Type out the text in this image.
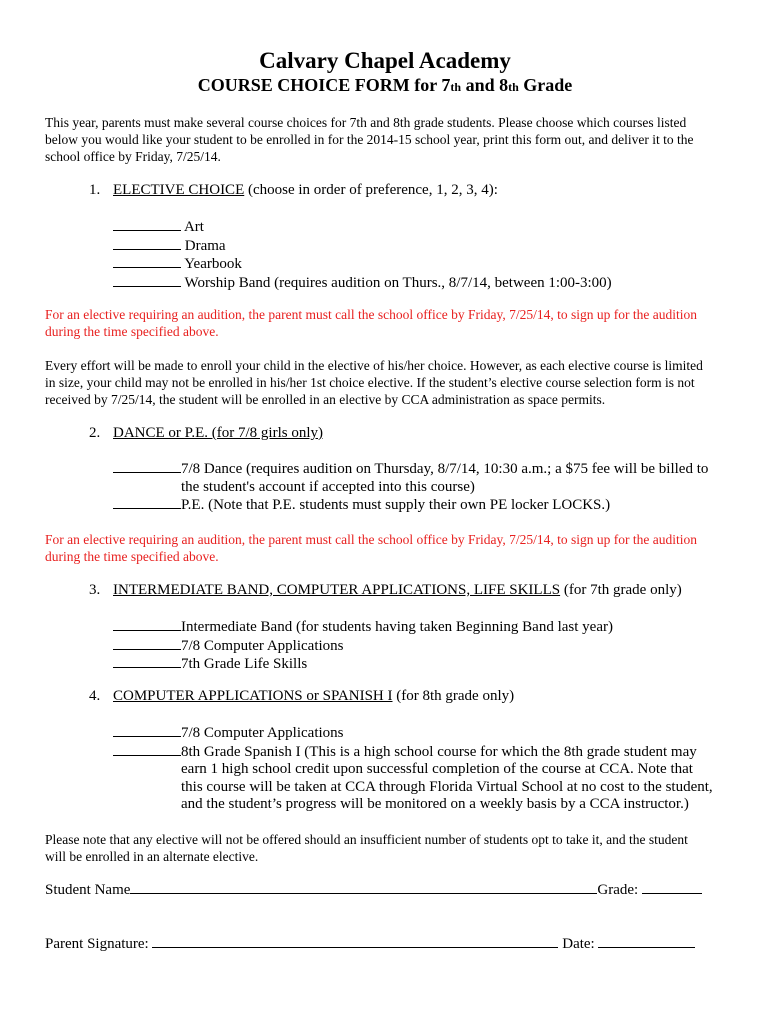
Calvary Chapel Academy
COURSE CHOICE FORM for 7th and 8th Grade
This year, parents must make several course choices for 7th and 8th grade students. Please choose which courses listed
below you would like your student to be enrolled in for the 2014-15 school year, print this form out, and deliver it to the
school office by Friday, 7/25/14.
1. ELECTIVE CHOICE (choose in order of preference, 1, 2, 3, 4):
Art
Drama
Yearbook
Worship Band (requires audition on Thurs., 8/7/14, between 1:00-3:00)
For an elective requiring an audition, the parent must call the school office by Friday, 7/25/14, to sign up for the audition
during the time specified above.
Every effort will be made to enroll your child in the elective of his/her choice. However, as each elective course is limited
in size, your child may not be enrolled in his/her 1st choice elective. If the student’s elective course selection form is not
received by 7/25/14, the student will be enrolled in an elective by CCA administration as space permits.
2. DANCE or P.E. (for 7/8 girls only)
7/8 Dance (requires audition on Thursday, 8/7/14, 10:30 a.m.; a $75 fee will be billed to
the student's account if accepted into this course)
P.E. (Note that P.E. students must supply their own PE locker LOCKS.)
For an elective requiring an audition, the parent must call the school office by Friday, 7/25/14, to sign up for the audition
during the time specified above.
3. INTERMEDIATE BAND, COMPUTER APPLICATIONS, LIFE SKILLS (for 7th grade only)
Intermediate Band (for students having taken Beginning Band last year)
7/8 Computer Applications
7th Grade Life Skills
4. COMPUTER APPLICATIONS or SPANISH I (for 8th grade only)
7/8 Computer Applications
8th Grade Spanish I (This is a high school course for which the 8th grade student may
earn 1 high school credit upon successful completion of the course at CCA. Note that
this course will be taken at CCA through Florida Virtual School at no cost to the student,
and the student’s progress will be monitored on a weekly basis by a CCA instructor.)
Please note that any elective will not be offered should an insufficient number of students opt to take it, and the student
will be enrolled in an alternate elective.
Student Name	Grade:
Parent Signature:	Date:
